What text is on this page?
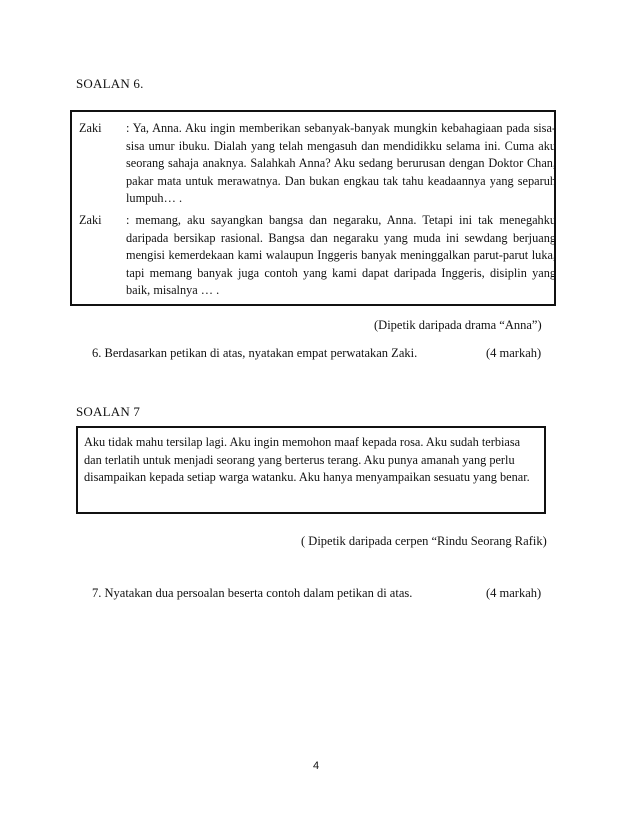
SOALAN 6.
Zaki	: Ya, Anna. Aku ingin memberikan sebanyak-banyak mungkin kebahagiaan pada sisa-sisa umur ibuku. Dialah yang telah mengasuh dan mendidikku selama ini. Cuma aku seorang sahaja anaknya. Salahkah Anna? Aku sedang berurusan dengan Doktor Chan, pakar mata untuk merawatnya. Dan bukan engkau tak tahu keadaannya yang separuh lumpuh… .
Zaki	: memang, aku sayangkan bangsa dan negaraku, Anna. Tetapi ini tak menegahku daripada bersikap rasional. Bangsa dan negaraku yang muda ini sewdang berjuang mengisi kemerdekaan kami walaupun Inggeris banyak meninggalkan parut-parut luka, tapi memang banyak juga contoh yang kami dapat daripada Inggeris, disiplin yang baik, misalnya … .
(Dipetik daripada drama “Anna”)
6. Berdasarkan petikan di atas, nyatakan empat perwatakan Zaki.	(4 markah)
SOALAN 7
Aku tidak mahu tersilap lagi. Aku ingin memohon maaf kepada rosa. Aku sudah terbiasa dan terlatih untuk menjadi seorang yang berterus terang. Aku punya amanah yang perlu disampaikan kepada setiap warga watanku. Aku hanya menyampaikan sesuatu yang benar.
( Dipetik daripada cerpen “Rindu Seorang Rafik)
7. Nyatakan dua persoalan beserta contoh dalam petikan di atas.	(4 markah)
4
